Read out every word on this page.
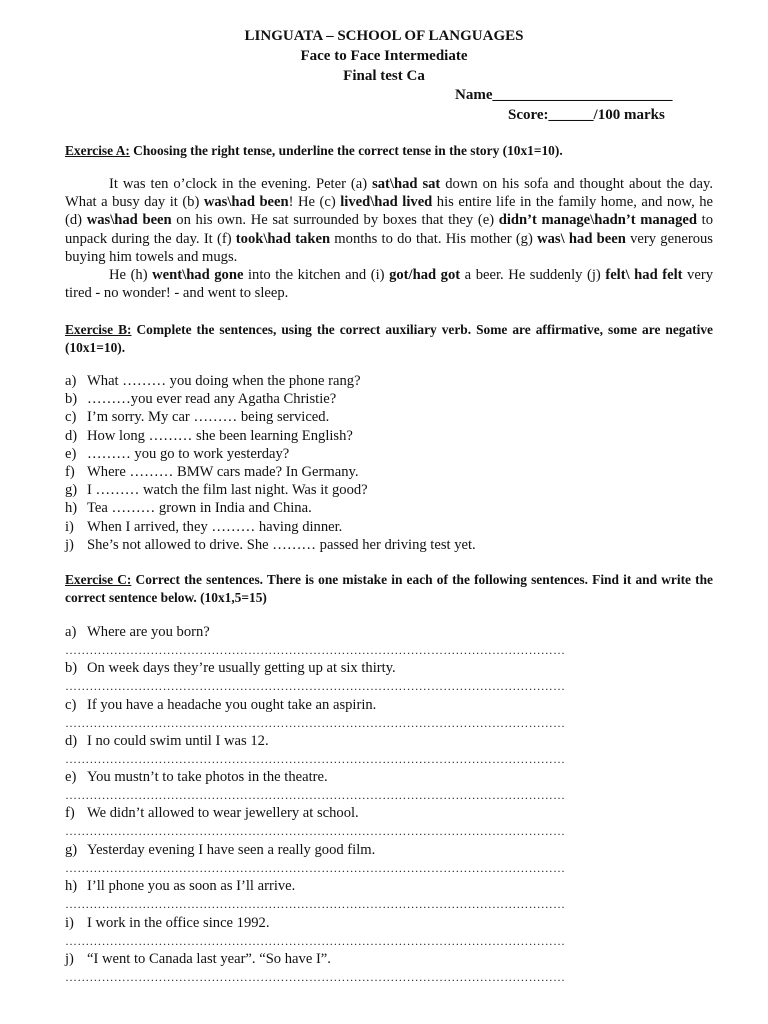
LINGUATA – SCHOOL OF LANGUAGES
Face to Face Intermediate
Final test Ca
Name________________________
Score:______/100 marks
Exercise A: Choosing the right tense, underline the correct tense in the story (10x1=10).

It was ten o’clock in the evening. Peter (a) sat\had sat down on his sofa and thought about the day. What a busy day it (b) was\had been! He (c) lived\had lived his entire life in the family home, and now, he (d) was\had been on his own. He sat surrounded by boxes that they (e) didn’t manage\hadn’t managed to unpack during the day. It (f) took\had taken months to do that. His mother (g) was\ had been very generous buying him towels and mugs.

He (h) went\had gone into the kitchen and (i) got/had got a beer. He suddenly (j) felt\ had felt very tired - no wonder! - and went to sleep.

Exercise B: Complete the sentences, using the correct auxiliary verb. Some are affirmative, some are negative (10x1=10).
a) What ……… you doing when the phone rang?
b) ………you ever read any Agatha Christie?
c) I’m sorry. My car ……… being serviced.
d) How long ……… she been learning English?
e) ……… you go to work yesterday?
f) Where ……… BMW cars made? In Germany.
g) I ……… watch the film last night. Was it good?
h) Tea ……… grown in India and China.
i) When I arrived, they ……… having dinner.
j) She’s not allowed to drive. She ……… passed her driving test yet.
Exercise C: Correct the sentences. There is one mistake in each of the following sentences. Find it and write the correct sentence below. (10x1,5=15)
a) Where are you born?
……………………………………………………………………………………………………………
b) On week days they’re usually getting up at six thirty.
……………………………………………………………………………………………………………
c) If you have a headache you ought take an aspirin.
……………………………………………………………………………………………………………
d) I no could swim until I was 12.
……………………………………………………………………………………………………………
e) You mustn’t to take photos in the theatre.
……………………………………………………………………………………………………………
f) We didn’t allowed to wear jewellery at school.
……………………………………………………………………………………………………………
g) Yesterday evening I have seen a really good film.
……………………………………………………………………………………………………………
h) I’ll phone you as soon as I’ll arrive.
……………………………………………………………………………………………………………
i) I work in the office since 1992.
……………………………………………………………………………………………………………
j) “I went to Canada last year”. “So have I”.
……………………………………………………………………………………………………………
